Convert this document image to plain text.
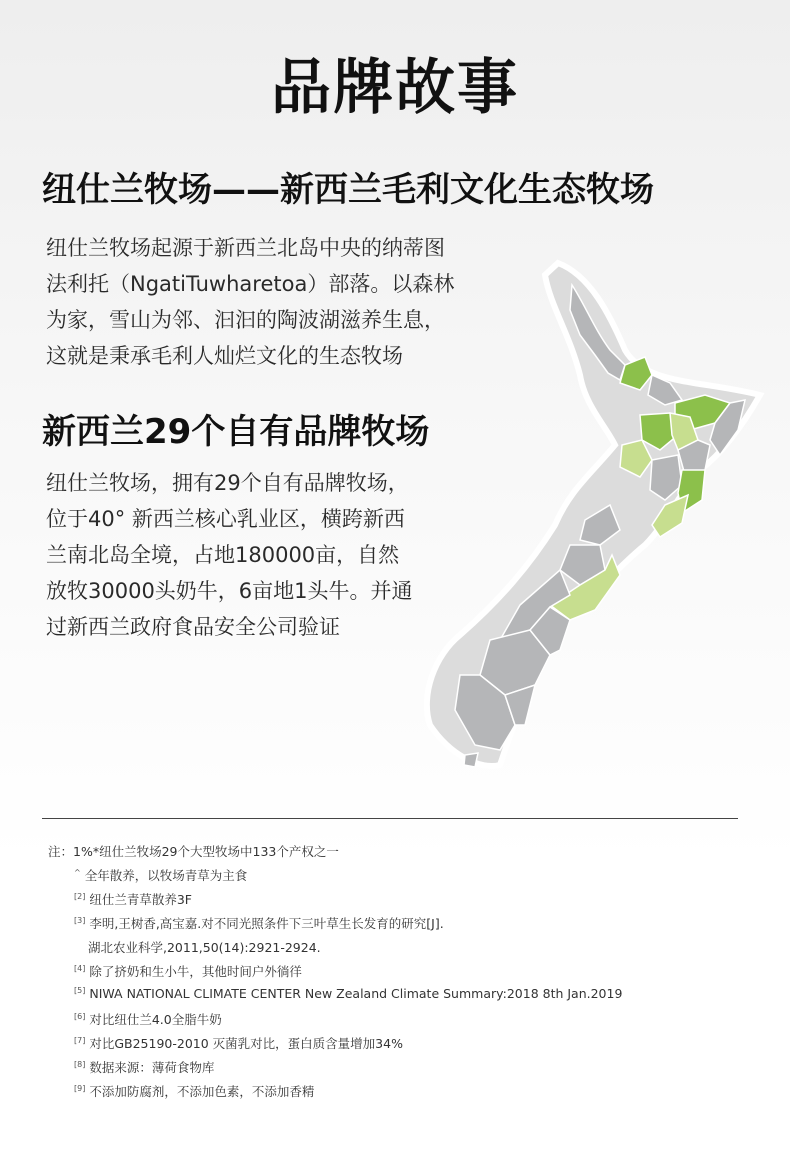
品牌故事
纽仕兰牧场——新西兰毛利文化生态牧场

纽仕兰牧场起源于新西兰北岛中央的纳蒂图
法利托（NgatiTuwharetoa）部落。以森林
为家，雪山为邻、汩汩的陶波湖滋养生息，
这就是秉承毛利人灿烂文化的生态牧场

新西兰29个自有品牌牧场

纽仕兰牧场，拥有29个自有品牌牧场，
位于40° 新西兰核心乳业区，横跨新西
兰南北岛全境，占地180000亩，自然
放牧30000头奶牛，6亩地1头牛。并通
过新西兰政府食品安全公司验证

注：1%*纽仕兰牧场29个大型牧场中133个产权之一
^ 全年散养，以牧场青草为主食
[2] 纽仕兰青草散养3F
[3] 李明,王树香,高宝嘉.对不同光照条件下三叶草生长发育的研究[J].
湖北农业科学,2011,50(14):2921-2924.
[4] 除了挤奶和生小牛，其他时间户外徜徉
[5] NIWA NATIONAL CLIMATE CENTER New Zealand Climate Summary:2018 8th Jan.2019
[6] 对比纽仕兰4.0全脂牛奶
[7] 对比GB25190-2010 灭菌乳对比，蛋白质含量增加34%
[8] 数据来源：薄荷食物库
[9] 不添加防腐剂，不添加色素，不添加香精
